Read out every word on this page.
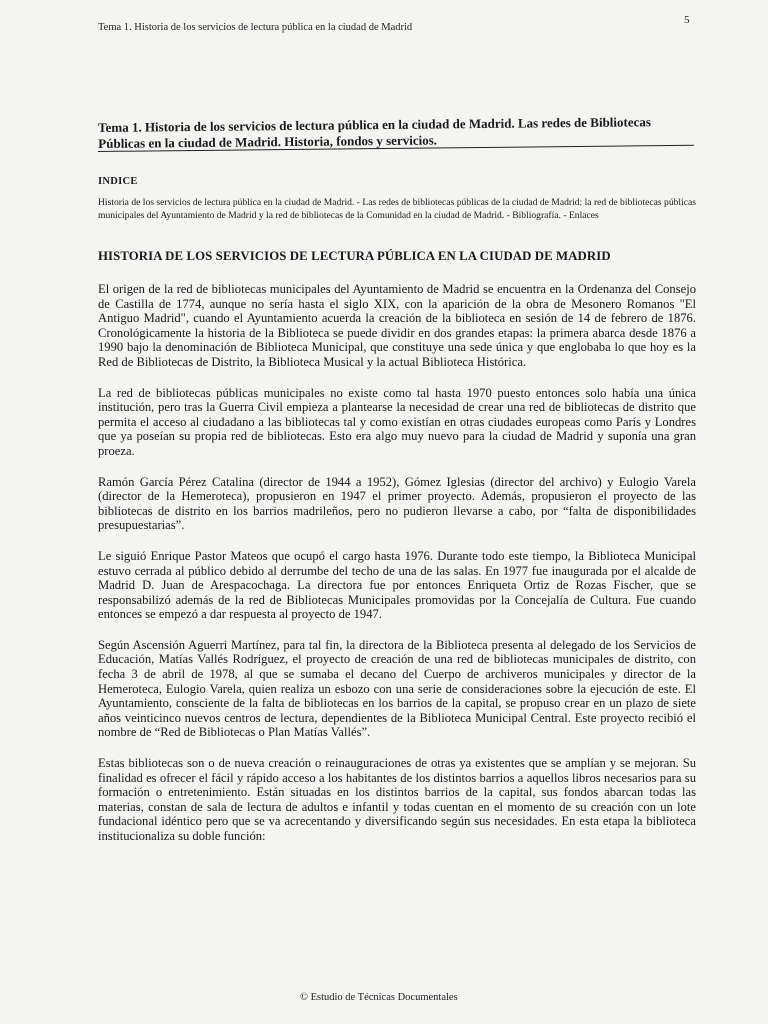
Tema 1. Historia de los servicios de lectura pública en la ciudad de Madrid
5
Tema 1. Historia de los servicios de lectura pública en la ciudad de Madrid. Las redes de Bibliotecas Públicas en la ciudad de Madrid. Historia, fondos y servicios.
INDICE
Historia de los servicios de lectura pública en la ciudad de Madrid. - Las redes de bibliotecas públicas de la ciudad de Madrid: la red de bibliotecas públicas municipales del Ayuntamiento de Madrid y la red de bibliotecas de la Comunidad en la ciudad de Madrid. - Bibliografía. - Enlaces
HISTORIA DE LOS SERVICIOS DE LECTURA PÚBLICA EN LA CIUDAD DE MADRID

El origen de la red de bibliotecas municipales del Ayuntamiento de Madrid se encuentra en la Ordenanza del Consejo de Castilla de 1774, aunque no sería hasta el siglo XIX, con la aparición de la obra de Mesonero Romanos "El Antiguo Madrid", cuando el Ayuntamiento acuerda la creación de la biblioteca en sesión de 14 de febrero de 1876. Cronológicamente la historia de la Biblioteca se puede dividir en dos grandes etapas: la primera abarca desde 1876 a 1990 bajo la denominación de Biblioteca Municipal, que constituye una sede única y que englobaba lo que hoy es la Red de Bibliotecas de Distrito, la Biblioteca Musical y la actual Biblioteca Histórica.

La red de bibliotecas públicas municipales no existe como tal hasta 1970 puesto entonces solo había una única institución, pero tras la Guerra Civil empieza a plantearse la necesidad de crear una red de bibliotecas de distrito que permita el acceso al ciudadano a las bibliotecas tal y como existían en otras ciudades europeas como París y Londres que ya poseían su propia red de bibliotecas. Esto era algo muy nuevo para la ciudad de Madrid y suponía una gran proeza.

Ramón García Pérez Catalina (director de 1944 a 1952), Gómez Iglesias (director del archivo) y Eulogio Varela (director de la Hemeroteca), propusieron en 1947 el primer proyecto. Además, propusieron el proyecto de las bibliotecas de distrito en los barrios madrileños, pero no pudieron llevarse a cabo, por “falta de disponibilidades presupuestarias”.

Le siguió Enrique Pastor Mateos que ocupó el cargo hasta 1976. Durante todo este tiempo, la Biblioteca Municipal estuvo cerrada al público debido al derrumbe del techo de una de las salas. En 1977 fue inaugurada por el alcalde de Madrid D. Juan de Arespacochaga. La directora fue por entonces Enriqueta Ortiz de Rozas Fischer, que se responsabilizó además de la red de Bibliotecas Municipales promovidas por la Concejalía de Cultura. Fue cuando entonces se empezó a dar respuesta al proyecto de 1947.

Según Ascensión Aguerri Martínez, para tal fin, la directora de la Biblioteca presenta al delegado de los Servicios de Educación, Matías Vallés Rodríguez, el proyecto de creación de una red de bibliotecas municipales de distrito, con fecha 3 de abril de 1978, al que se sumaba el decano del Cuerpo de archiveros municipales y director de la Hemeroteca, Eulogio Varela, quien realiza un esbozo con una serie de consideraciones sobre la ejecución de este. El Ayuntamiento, consciente de la falta de bibliotecas en los barrios de la capital, se propuso crear en un plazo de siete años veinticinco nuevos centros de lectura, dependientes de la Biblioteca Municipal Central. Este proyecto recibió el nombre de “Red de Bibliotecas o Plan Matías Vallés”.

Estas bibliotecas son o de nueva creación o reinauguraciones de otras ya existentes que se amplían y se mejoran. Su finalidad es ofrecer el fácil y rápido acceso a los habitantes de los distintos barrios a aquellos libros necesarios para su formación o entretenimiento. Están situadas en los distintos barrios de la capital, sus fondos abarcan todas las materias, constan de sala de lectura de adultos e infantil y todas cuentan en el momento de su creación con un lote fundacional idéntico pero que se va acrecentando y diversificando según sus necesidades. En esta etapa la biblioteca institucionaliza su doble función:

© Estudio de Técnicas Documentales
